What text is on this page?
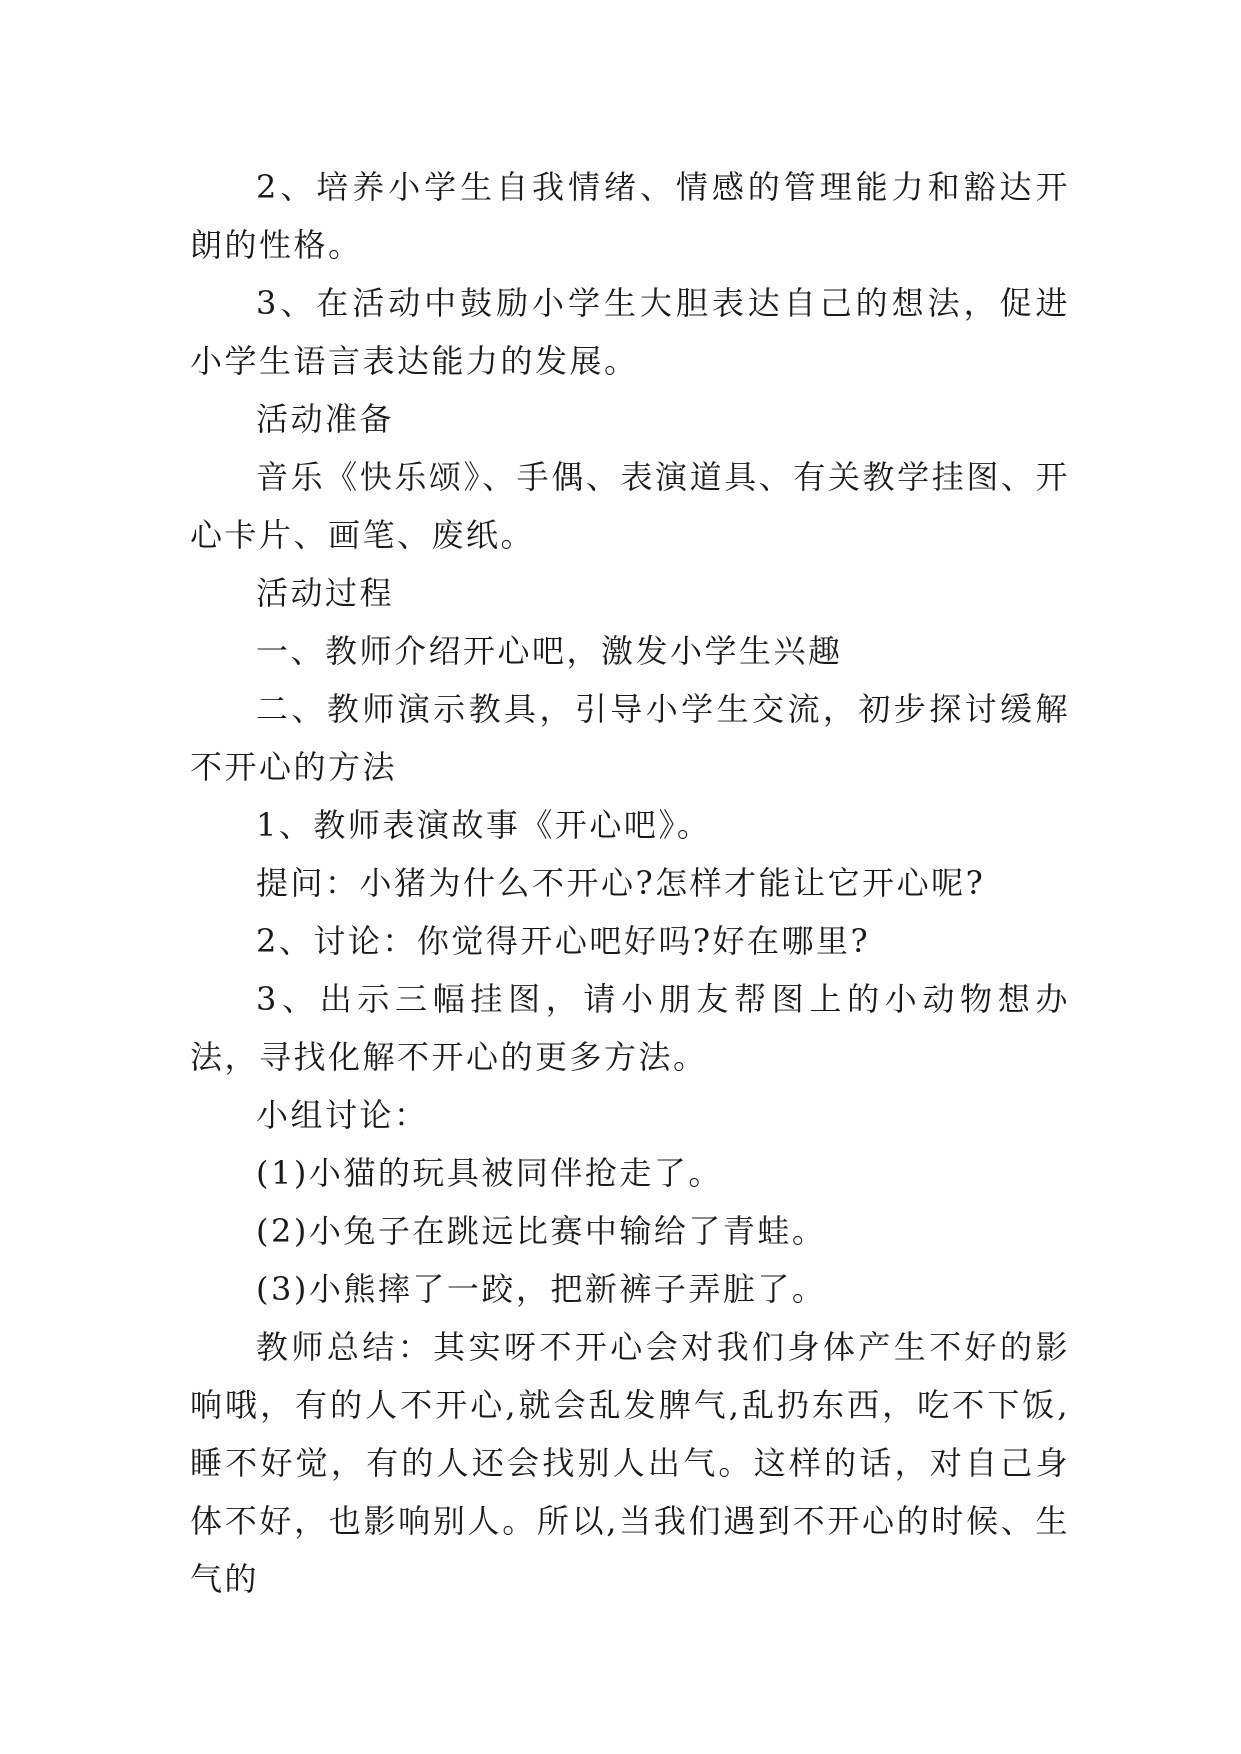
2、培养小学生自我情绪、情感的管理能力和豁达开朗的性格。

3、在活动中鼓励小学生大胆表达自己的想法，促进小学生语言表达能力的发展。

活动准备

音乐《快乐颂》、手偶、表演道具、有关教学挂图、开心卡片、画笔、废纸。

活动过程

一、教师介绍开心吧，激发小学生兴趣

二、教师演示教具，引导小学生交流，初步探讨缓解不开心的方法

1、教师表演故事《开心吧》。

提问：小猪为什么不开心?怎样才能让它开心呢?

2、讨论：你觉得开心吧好吗?好在哪里?

3、出示三幅挂图，请小朋友帮图上的小动物想办法，寻找化解不开心的更多方法。

小组讨论：

(1)小猫的玩具被同伴抢走了。

(2)小兔子在跳远比赛中输给了青蛙。

(3)小熊摔了一跤，把新裤子弄脏了。

教师总结：其实呀不开心会对我们身体产生不好的影响哦，有的人不开心,就会乱发脾气,乱扔东西，吃不下饭,睡不好觉，有的人还会找别人出气。这样的话，对自己身体不好，也影响别人。所以,当我们遇到不开心的时候、生气的
